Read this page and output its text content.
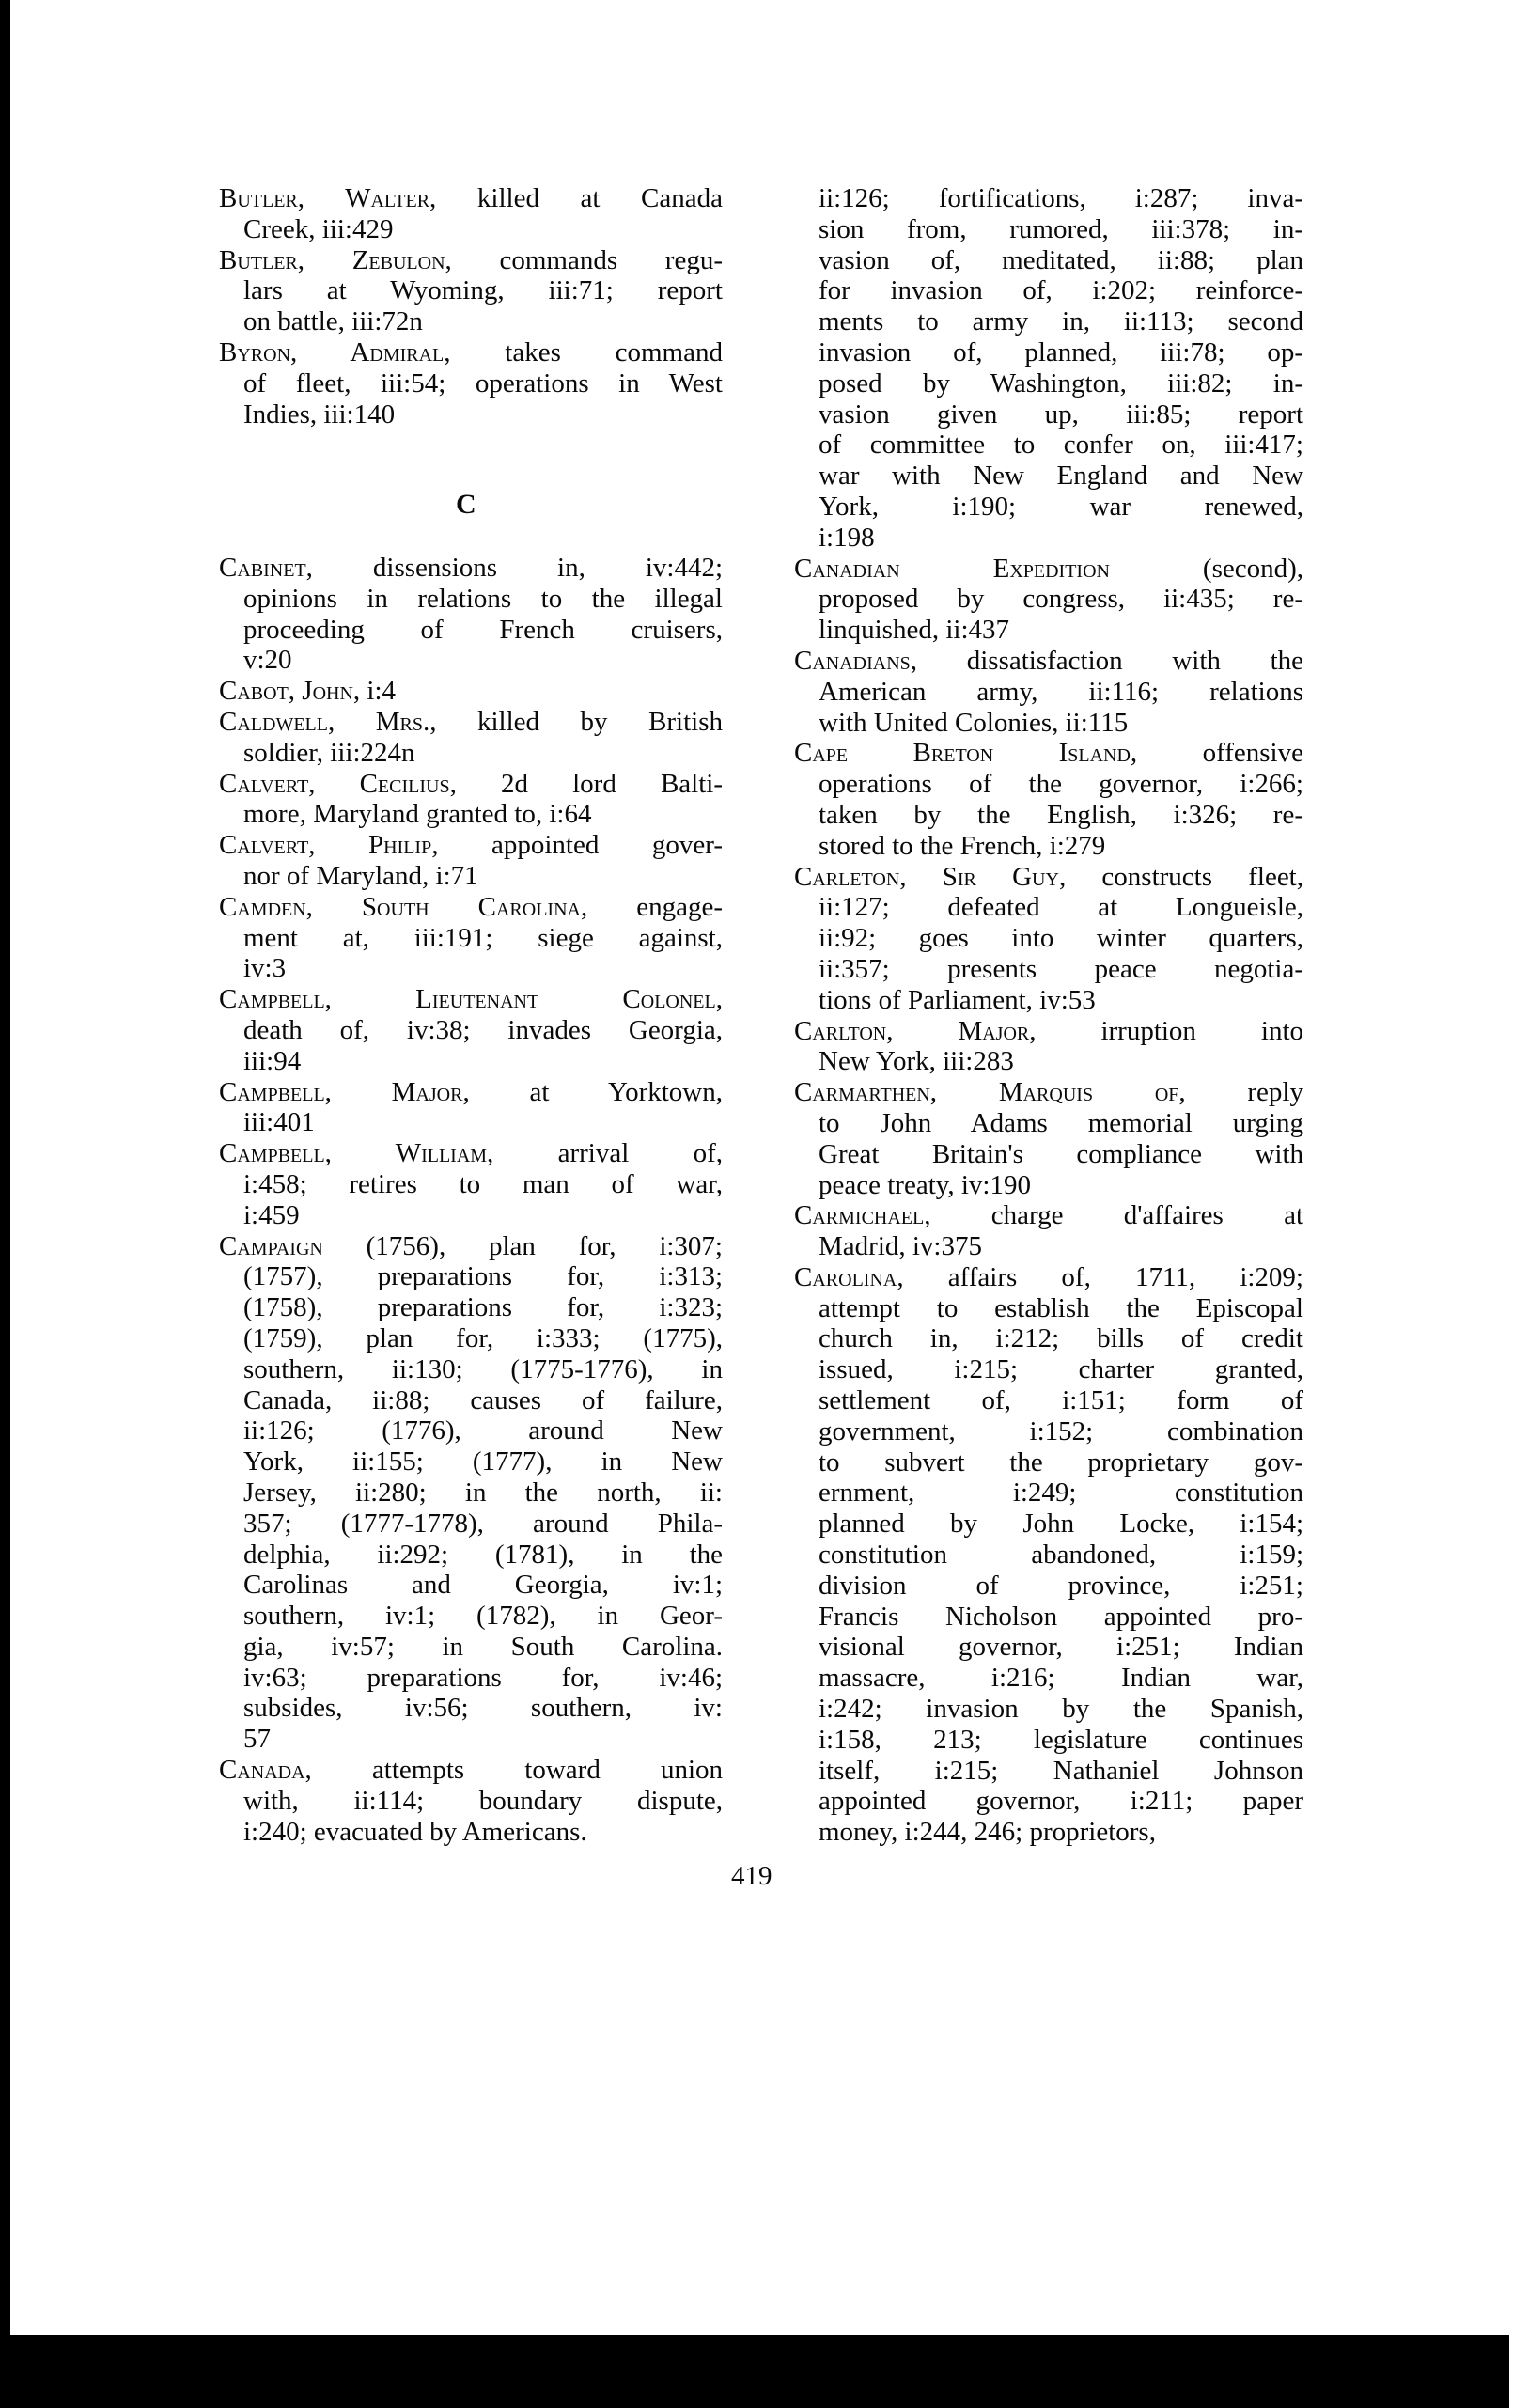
Butler, Walter, killed at Canada
Creek, iii:429
Butler, Zebulon, commands regu-
lars at Wyoming, iii:71; report
on battle, iii:72n
Byron, Admiral, takes command
of fleet, iii:54; operations in West
Indies, iii:140
C
Cabinet, dissensions in, iv:442;
opinions in relations to the illegal
proceeding of French cruisers,
v:20
Cabot, John, i:4
Caldwell, Mrs., killed by British
soldier, iii:224n
Calvert, Cecilius, 2d lord Balti-
more, Maryland granted to, i:64
Calvert, Philip, appointed gover-
nor of Maryland, i:71
Camden, South Carolina, engage-
ment at, iii:191; siege against,
iv:3
Campbell, Lieutenant Colonel,
death of, iv:38; invades Georgia,
iii:94
Campbell, Major, at Yorktown,
iii:401
Campbell, William, arrival of,
i:458; retires to man of war,
i:459
Campaign (1756), plan for, i:307;
(1757), preparations for, i:313;
(1758), preparations for, i:323;
(1759), plan for, i:333; (1775),
southern, ii:130; (1775-1776), in
Canada, ii:88; causes of failure,
ii:126; (1776), around New
York, ii:155; (1777), in New
Jersey, ii:280; in the north, ii:
357; (1777-1778), around Phila-
delphia, ii:292; (1781), in the
Carolinas and Georgia, iv:1;
southern, iv:1; (1782), in Geor-
gia, iv:57; in South Carolina.
iv:63; preparations for, iv:46;
subsides, iv:56; southern, iv:
57
Canada, attempts toward union
with, ii:114; boundary dispute,
i:240; evacuated by Americans.
ii:126; fortifications, i:287; inva-
sion from, rumored, iii:378; in-
vasion of, meditated, ii:88; plan
for invasion of, i:202; reinforce-
ments to army in, ii:113; second
invasion of, planned, iii:78; op-
posed by Washington, iii:82; in-
vasion given up, iii:85; report
of committee to confer on, iii:417;
war with New England and New
York, i:190; war renewed,
i:198
Canadian Expedition (second),
proposed by congress, ii:435; re-
linquished, ii:437
Canadians, dissatisfaction with the
American army, ii:116; relations
with United Colonies, ii:115
Cape Breton Island, offensive
operations of the governor, i:266;
taken by the English, i:326; re-
stored to the French, i:279
Carleton, Sir Guy, constructs fleet,
ii:127; defeated at Longueisle,
ii:92; goes into winter quarters,
ii:357; presents peace negotia-
tions of Parliament, iv:53
Carlton, Major, irruption into
New York, iii:283
Carmarthen, Marquis of, reply
to John Adams memorial urging
Great Britain's compliance with
peace treaty, iv:190
Carmichael, charge d'affaires at
Madrid, iv:375
Carolina, affairs of, 1711, i:209;
attempt to establish the Episcopal
church in, i:212; bills of credit
issued, i:215; charter granted,
settlement of, i:151; form of
government, i:152; combination
to subvert the proprietary gov-
ernment, i:249; constitution
planned by John Locke, i:154;
constitution abandoned, i:159;
division of province, i:251;
Francis Nicholson appointed pro-
visional governor, i:251; Indian
massacre, i:216; Indian war,
i:242; invasion by the Spanish,
i:158, 213; legislature continues
itself, i:215; Nathaniel Johnson
appointed governor, i:211; paper
money, i:244, 246; proprietors,
419
